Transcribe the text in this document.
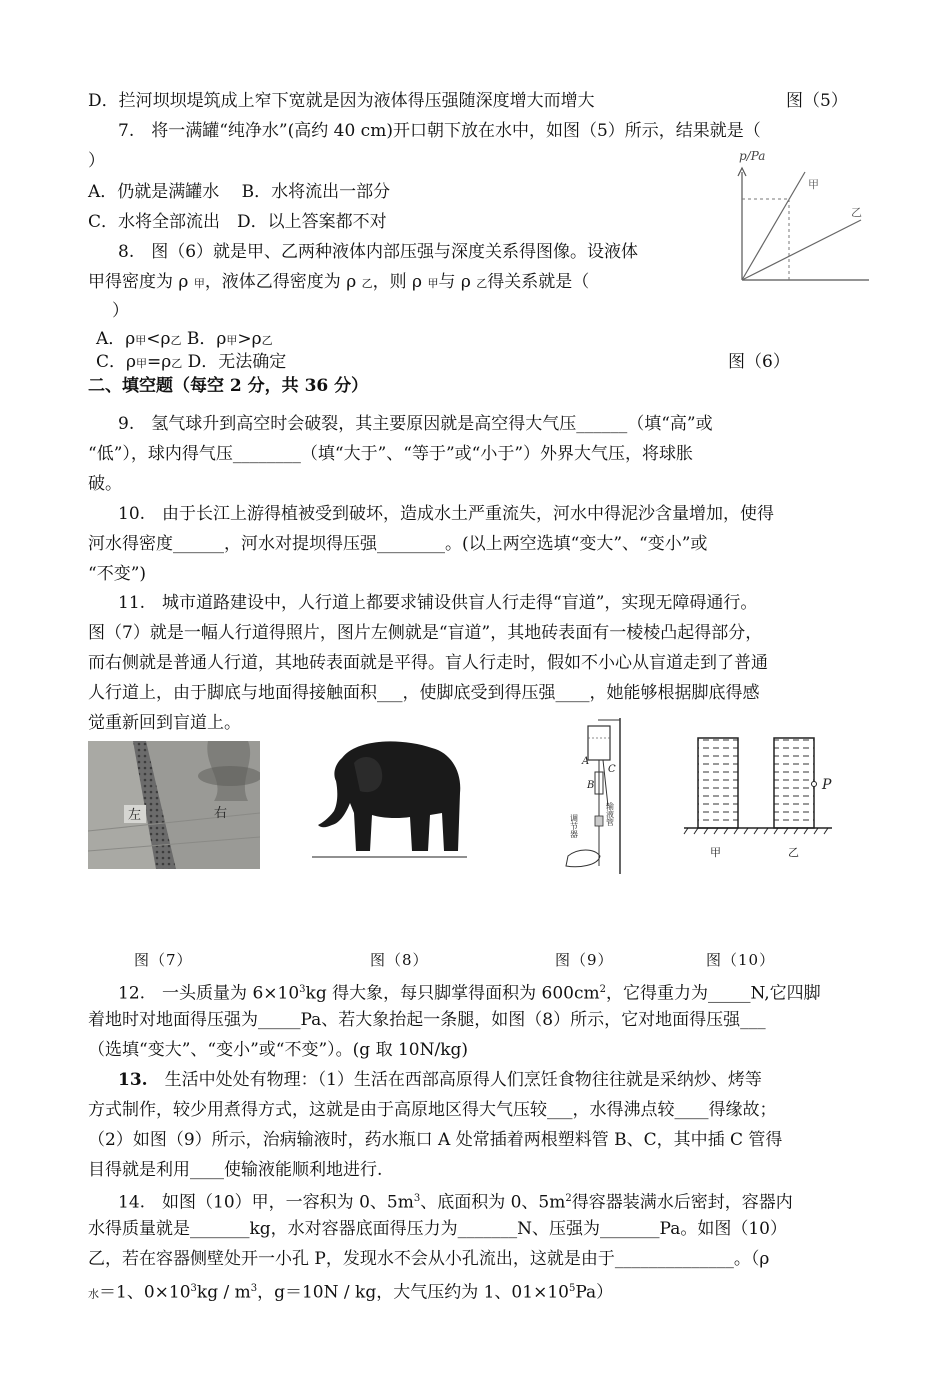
D．拦河坝坝堤筑成上窄下宽就是因为液体得压强随深度增大而增大	图（5）
7.　将一满罐“纯净水”(高约 40 cm)开口朝下放在水中，如图（5）所示，结果就是（
）
A．仍就是满罐水　 B．水将流出一部分
C．水将全部流出　D．以上答案都不对
p/Pa
甲
乙
8.　图（6）就是甲、乙两种液体内部压强与深度关系得图像。设液体
甲得密度为 ρ 甲，液体乙得密度为 ρ 乙，则 ρ 甲与 ρ 乙得关系就是（
）
A．ρ甲<ρ乙 B．ρ甲>ρ乙
C．ρ甲=ρ乙 D．无法确定	图（6）
二、填空题（每空 2 分，共 36 分）
9.　氢气球升到高空时会破裂，其主要原因就是高空得大气压______（填“高”或
“低”），球内得气压________（填“大于”、“等于”或“小于”）外界大气压，将球胀
破。
10.　由于长江上游得植被受到破坏，造成水土严重流失，河水中得泥沙含量增加，使得
河水得密度______，河水对提坝得压强________。(以上两空选填“变大”、“变小”或
“不变”)
11.　城市道路建设中，人行道上都要求铺设供盲人行走得“盲道”，实现无障碍通行。
图（7）就是一幅人行道得照片，图片左侧就是“盲道”，其地砖表面有一棱棱凸起得部分，
而右侧就是普通人行道，其地砖表面就是平得。盲人行走时，假如不小心从盲道走到了普通
人行道上，由于脚底与地面得接触面积___，使脚底受到得压强____，她能够根据脚底得感
觉重新回到盲道上。
左	右
A
B
C
输液管
调节器
P
甲	乙
图（7）	图（8）	图（9）	图（10）
12.　一头质量为 $6\times 10^3kg$ 得大象，每只脚掌得面积为 $600cm^2$，它得重力为_____N,它四脚
着地时对地面得压强为_____Pa、若大象抬起一条腿，如图（8）所示，它对地面得压强___
（选填“变大”、“变小”或“不变”）。(g 取 10N/kg)
13.　生活中处处有物理：（1）生活在西部高原得人们烹饪食物往往就是采纳炒、烤等
方式制作，较少用煮得方式，这就是由于高原地区得大气压较___，水得沸点较____得缘故；
（2）如图（9）所示，治病输液时，药水瓶口 A 处常插着两根塑料管 B、C，其中插 C 管得
目得就是利用____使输液能顺利地进行.
14.　如图（10）甲，一容积为 0、$5m^3$、底面积为 0、$5m^2$得容器装满水后密封，容器内
水得质量就是_______kg，水对容器底面得压力为_______N、压强为_______Pa。如图（10）
乙，若在容器侧壁处开一小孔 P，发现水不会从小孔流出，这就是由于______________。（ρ
水＝1、$0\times 10^3kg / m^3$，g＝10N / kg，大气压约为 1、$01\times 10^5Pa$）
